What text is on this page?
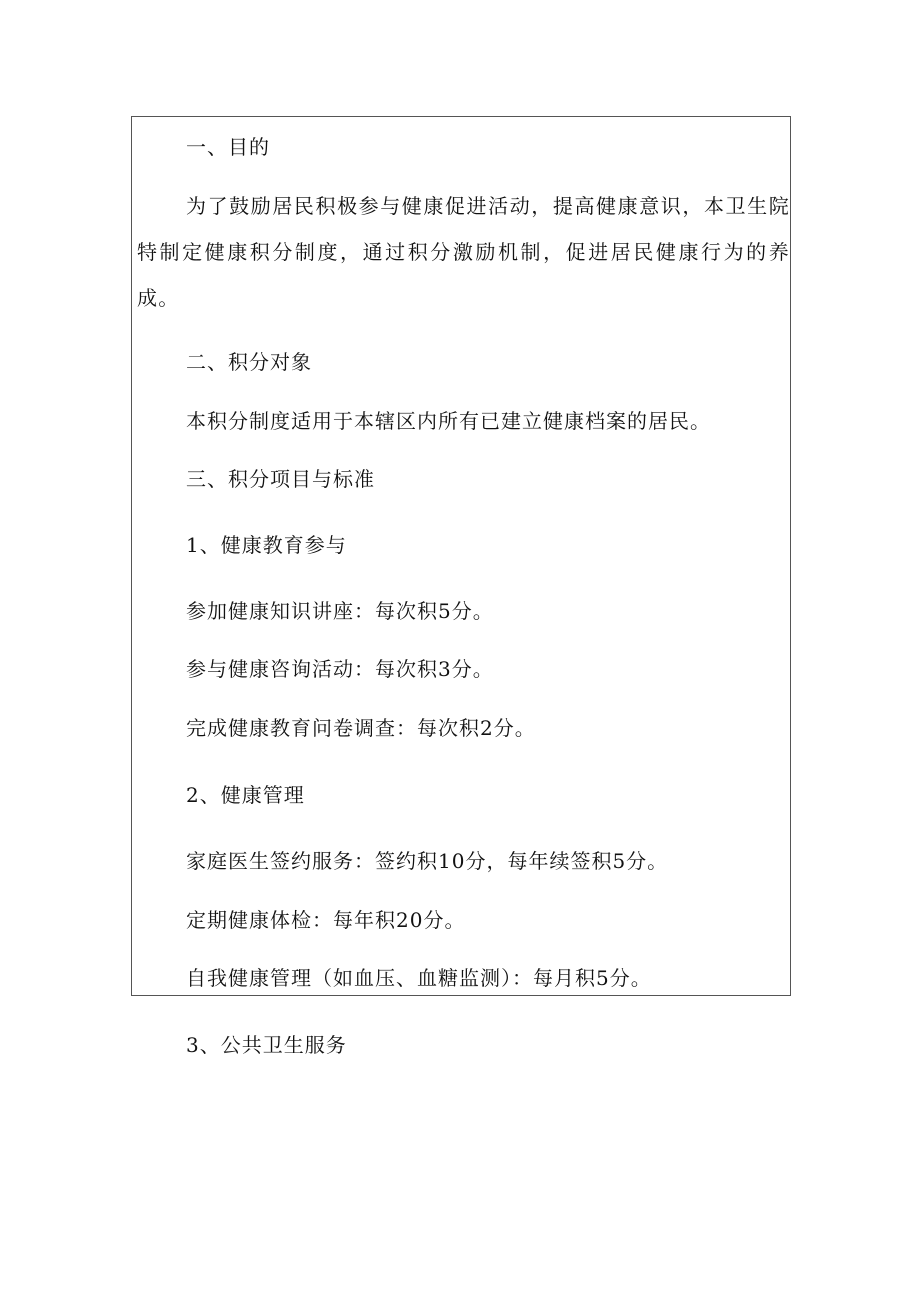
一、目的

为了鼓励居民积极参与健康促进活动，提高健康意识，本卫生院特制定健康积分制度，通过积分激励机制，促进居民健康行为的养成。

二、积分对象
本积分制度适用于本辖区内所有已建立健康档案的居民。
三、积分项目与标准
1、健康教育参与
参加健康知识讲座：每次积5分。
参与健康咨询活动：每次积3分。
完成健康教育问卷调查：每次积2分。
2、健康管理
家庭医生签约服务：签约积10分，每年续签积5分。
定期健康体检：每年积20分。
自我健康管理（如血压、血糖监测）：每月积5分。
3、公共卫生服务
